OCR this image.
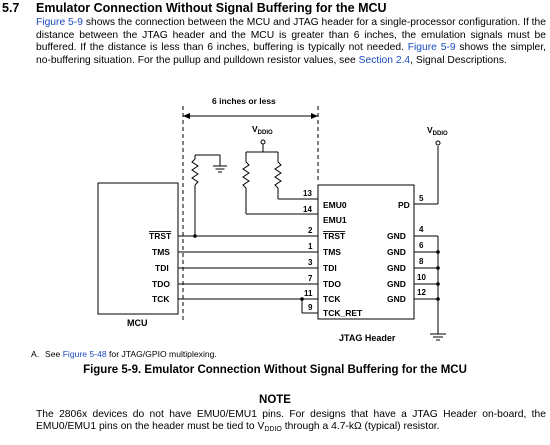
5.7 Emulator Connection Without Signal Buffering for the MCU
Figure 5-9 shows the connection between the MCU and JTAG header for a single-processor configuration. If the distance between the JTAG header and the MCU is greater than 6 inches, the emulation signals must be buffered. If the distance is less than 6 inches, buffering is typically not needed. Figure 5-9 shows the simpler, no-buffering situation. For the pullup and pulldown resistor values, see Section 2.4, Signal Descriptions.
MCU
JTAG Header
6 inches or less
$V_{DDIO}$
TRST
TMS
TDI
TDO
TCK
13
14
2
1
3
7
11
9
EMU0
EMU1
TRST
TMS
TDI
TDO
TCK
TCK_RET
PD
GND
GND
GND
GND
GND
5
4
6
8
10
12
$V_{DDIO}$
A. See Figure 5-48 for JTAG/GPIO multiplexing.
Figure 5-9. Emulator Connection Without Signal Buffering for the MCU
NOTE
The 2806x devices do not have EMU0/EMU1 pins. For designs that have a JTAG Header on-board, the EMU0/EMU1 pins on the header must be tied to $V_{DDIO}$ through a 4.7-kΩ (typical) resistor.
